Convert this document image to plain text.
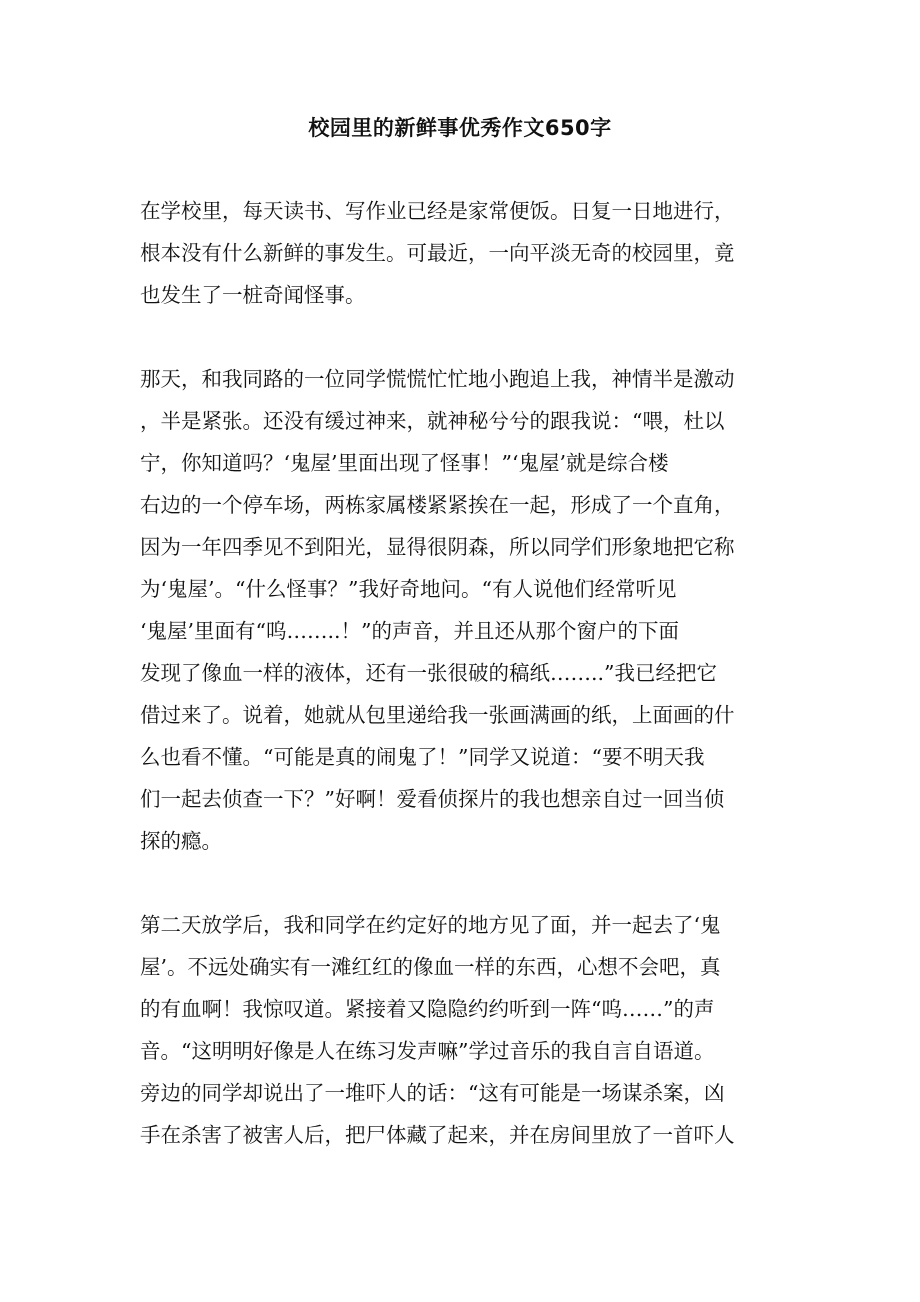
校园里的新鲜事优秀作文650字

在学校里，每天读书、写作业已经是家常便饭。日复一日地进行，
根本没有什么新鲜的事发生。可最近，一向平淡无奇的校园里，竟
也发生了一桩奇闻怪事。

那天，和我同路的一位同学慌慌忙忙地小跑追上我，神情半是激动
，半是紧张。还没有缓过神来，就神秘兮兮的跟我说：“喂，杜以
宁，你知道吗？‘鬼屋’里面出现了怪事！”‘鬼屋’就是综合楼
右边的一个停车场，两栋家属楼紧紧挨在一起，形成了一个直角，
因为一年四季见不到阳光，显得很阴森，所以同学们形象地把它称
为‘鬼屋’。“什么怪事？”我好奇地问。“有人说他们经常听见
‘鬼屋’里面有“呜……..！”的声音，并且还从那个窗户的下面
发现了像血一样的液体，还有一张很破的稿纸……..”我已经把它
借过来了。说着，她就从包里递给我一张画满画的纸，上面画的什
么也看不懂。“可能是真的闹鬼了！”同学又说道：“要不明天我
们一起去侦查一下？”好啊！爱看侦探片的我也想亲自过一回当侦
探的瘾。

第二天放学后，我和同学在约定好的地方见了面，并一起去了‘鬼
屋’。不远处确实有一滩红红的像血一样的东西，心想不会吧，真
的有血啊！我惊叹道。紧接着又隐隐约约听到一阵“呜……”的声
音。“这明明好像是人在练习发声嘛”学过音乐的我自言自语道。
旁边的同学却说出了一堆吓人的话：“这有可能是一场谋杀案，凶
手在杀害了被害人后，把尸体藏了起来，并在房间里放了一首吓人
